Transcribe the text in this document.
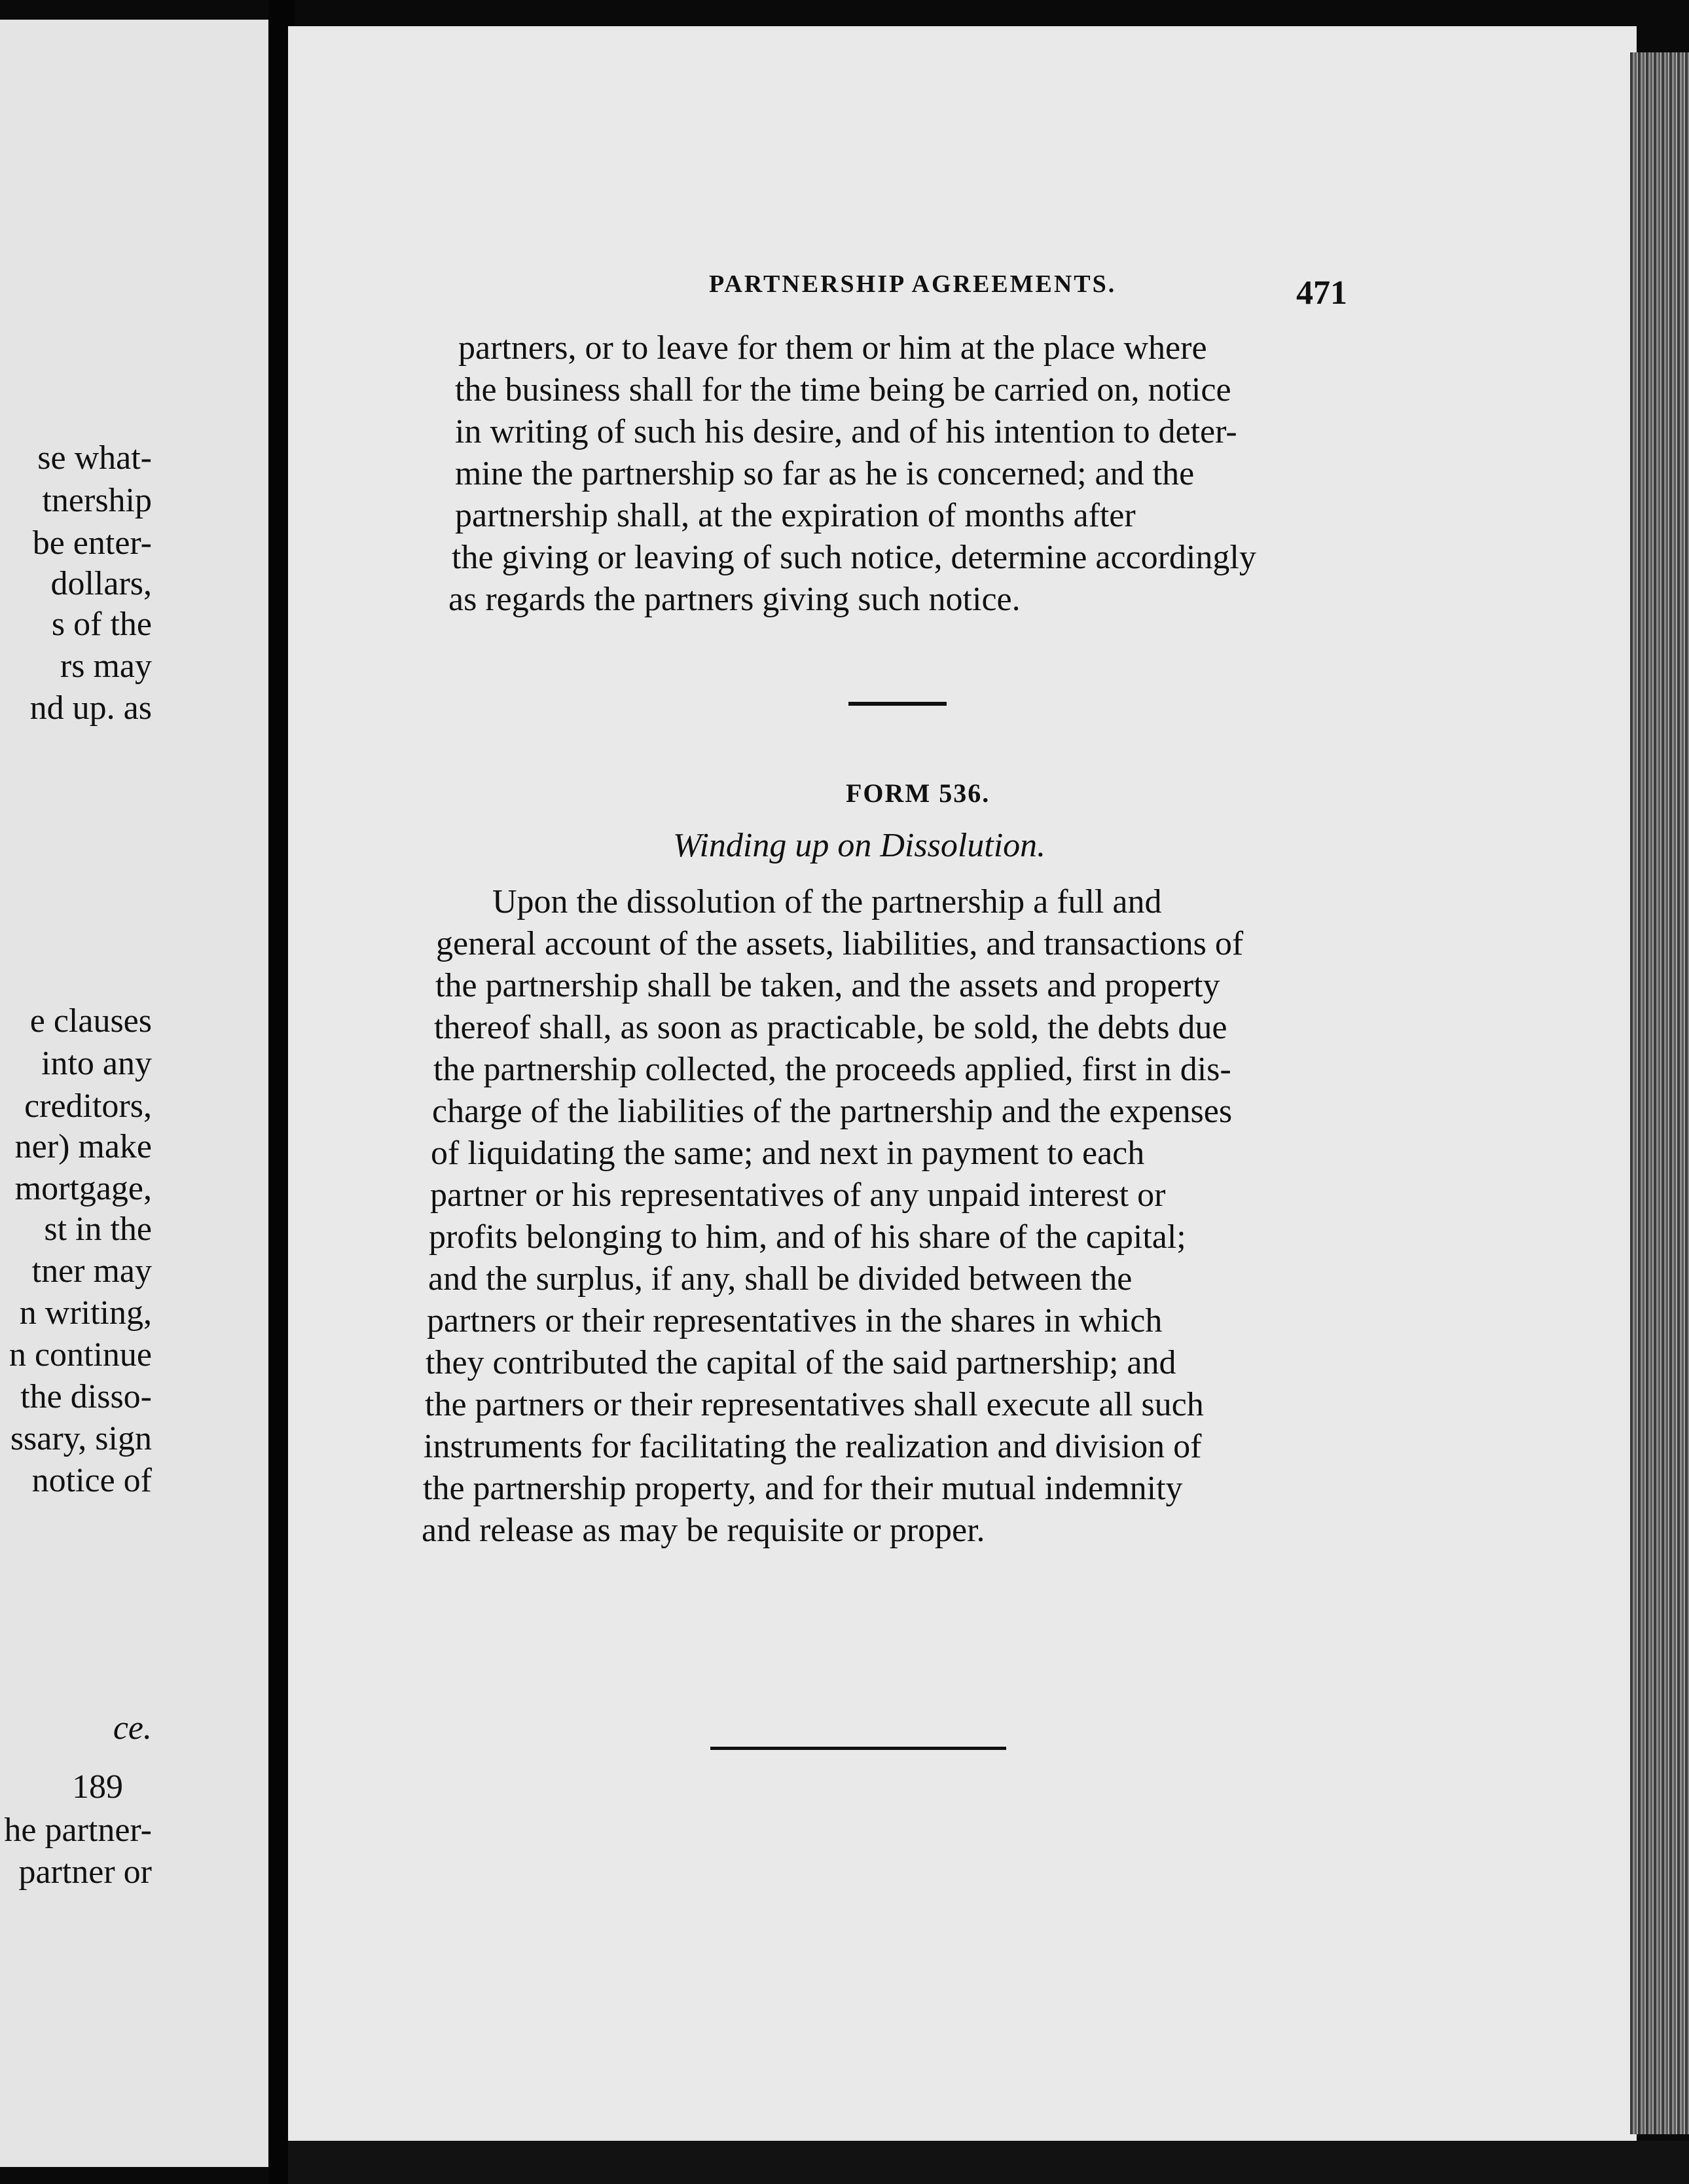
se what-
tnership
be enter-
dollars,
s of the
rs may
nd up. as
e clauses
into any
creditors,
ner) make
mortgage,
st in the
tner may
n writing,
n continue
the disso-
ssary, sign
notice of
ce.
189
he partner-
partner or
PARTNERSHIP AGREEMENTS.	471
partners, or to leave for them or him at the place where
the business shall for the time being be carried on, notice
in writing of such his desire, and of his intention to deter-
mine the partnership so far as he is concerned; and the
partnership shall, at the expiration of months after
the giving or leaving of such notice, determine accordingly
as regards the partners giving such notice.
FORM 536.
Winding up on Dissolution.
Upon the dissolution of the partnership a full and
general account of the assets, liabilities, and transactions of
the partnership shall be taken, and the assets and property
thereof shall, as soon as practicable, be sold, the debts due
the partnership collected, the proceeds applied, first in dis-
charge of the liabilities of the partnership and the expenses
of liquidating the same; and next in payment to each
partner or his representatives of any unpaid interest or
profits belonging to him, and of his share of the capital;
and the surplus, if any, shall be divided between the
partners or their representatives in the shares in which
they contributed the capital of the said partnership; and
the partners or their representatives shall execute all such
instruments for facilitating the realization and division of
the partnership property, and for their mutual indemnity
and release as may be requisite or proper.
